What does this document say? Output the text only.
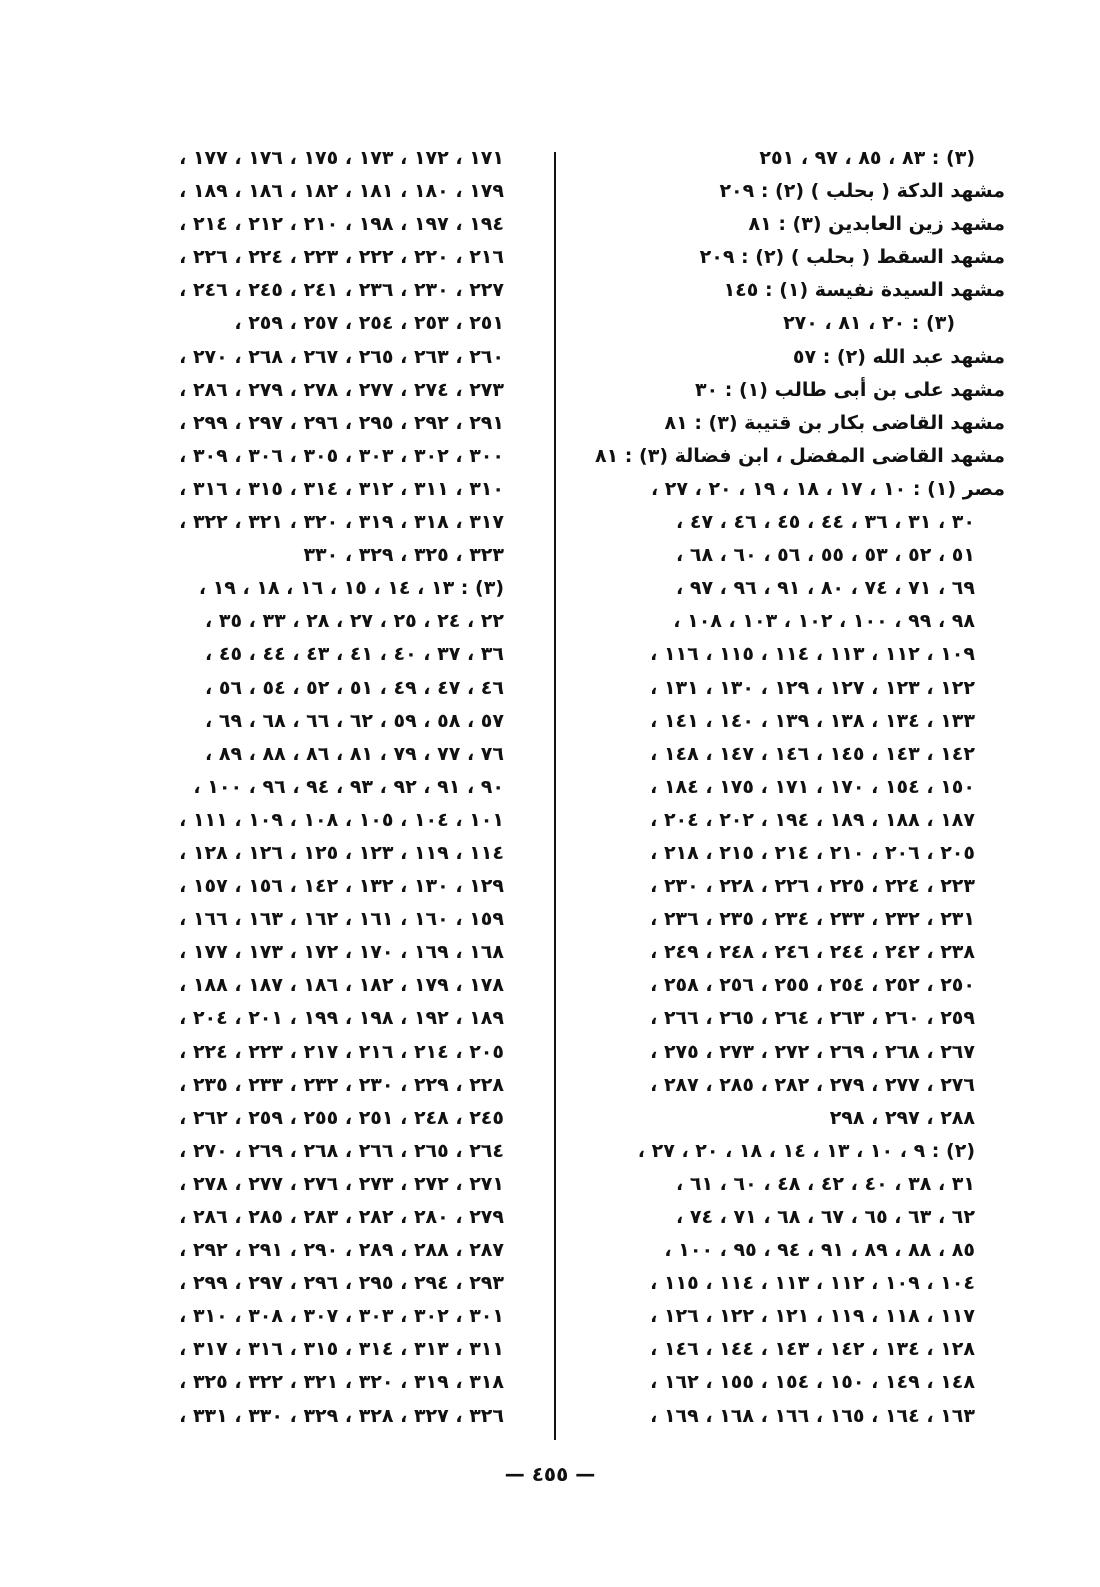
(٣) : ٨٣ ، ٨٥ ، ٩٧ ، ٢٥١
مشهد الدكة ( بحلب ) (٢) : ٢٠٩
مشهد زين العابدين (٣) : ٨١
مشهد السقط ( بحلب ) (٢) : ٢٠٩
مشهد السيدة نفيسة (١) : ١٤٥
(٣) : ٢٠ ، ٨١ ، ٢٧٠
مشهد عبد الله (٢) : ٥٧
مشهد على بن أبى طالب (١) : ٣٠
مشهد القاضى بكار بن قتيبة (٣) : ٨١
مشهد القاضى المفضل ، ابن فضالة (٣) : ٨١
مصر (١) : ١٠ ، ١٧ ، ١٨ ، ١٩ ، ٢٠ ، ٢٧ ،
٣٠ ، ٣١ ، ٣٦ ، ٤٤ ، ٤٥ ، ٤٦ ، ٤٧ ،
٥١ ، ٥٢ ، ٥٣ ، ٥٥ ، ٥٦ ، ٦٠ ، ٦٨ ،
٦٩ ، ٧١ ، ٧٤ ، ٨٠ ، ٩١ ، ٩٦ ، ٩٧ ،
٩٨ ، ٩٩ ، ١٠٠ ، ١٠٢ ، ١٠٣ ، ١٠٨ ،
١٠٩ ، ١١٢ ، ١١٣ ، ١١٤ ، ١١٥ ، ١١٦ ،
١٢٢ ، ١٢٣ ، ١٢٧ ، ١٢٩ ، ١٣٠ ، ١٣١ ،
١٣٣ ، ١٣٤ ، ١٣٨ ، ١٣٩ ، ١٤٠ ، ١٤١ ،
١٤٢ ، ١٤٣ ، ١٤٥ ، ١٤٦ ، ١٤٧ ، ١٤٨ ،
١٥٠ ، ١٥٤ ، ١٧٠ ، ١٧١ ، ١٧٥ ، ١٨٤ ،
١٨٧ ، ١٨٨ ، ١٨٩ ، ١٩٤ ، ٢٠٢ ، ٢٠٤ ،
٢٠٥ ، ٢٠٦ ، ٢١٠ ، ٢١٤ ، ٢١٥ ، ٢١٨ ،
٢٢٣ ، ٢٢٤ ، ٢٢٥ ، ٢٢٦ ، ٢٢٨ ، ٢٣٠ ،
٢٣١ ، ٢٣٢ ، ٢٣٣ ، ٢٣٤ ، ٢٣٥ ، ٢٣٦ ،
٢٣٨ ، ٢٤٢ ، ٢٤٤ ، ٢٤٦ ، ٢٤٨ ، ٢٤٩ ،
٢٥٠ ، ٢٥٢ ، ٢٥٤ ، ٢٥٥ ، ٢٥٦ ، ٢٥٨ ،
٢٥٩ ، ٢٦٠ ، ٢٦٣ ، ٢٦٤ ، ٢٦٥ ، ٢٦٦ ،
٢٦٧ ، ٢٦٨ ، ٢٦٩ ، ٢٧٢ ، ٢٧٣ ، ٢٧٥ ،
٢٧٦ ، ٢٧٧ ، ٢٧٩ ، ٢٨٢ ، ٢٨٥ ، ٢٨٧ ،
٢٨٨ ، ٢٩٧ ، ٢٩٨
(٢) : ٩ ، ١٠ ، ١٣ ، ١٤ ، ١٨ ، ٢٠ ، ٢٧ ،
٣١ ، ٣٨ ، ٤٠ ، ٤٢ ، ٤٨ ، ٦٠ ، ٦١ ،
٦٢ ، ٦٣ ، ٦٥ ، ٦٧ ، ٦٨ ، ٧١ ، ٧٤ ،
٨٥ ، ٨٨ ، ٨٩ ، ٩١ ، ٩٤ ، ٩٥ ، ١٠٠ ،
١٠٤ ، ١٠٩ ، ١١٢ ، ١١٣ ، ١١٤ ، ١١٥ ،
١١٧ ، ١١٨ ، ١١٩ ، ١٢١ ، ١٢٢ ، ١٢٦ ،
١٢٨ ، ١٣٤ ، ١٤٢ ، ١٤٣ ، ١٤٤ ، ١٤٦ ،
١٤٨ ، ١٤٩ ، ١٥٠ ، ١٥٤ ، ١٥٥ ، ١٦٢ ،
١٦٣ ، ١٦٤ ، ١٦٥ ، ١٦٦ ، ١٦٨ ، ١٦٩ ،
١٧١ ، ١٧٢ ، ١٧٣ ، ١٧٥ ، ١٧٦ ، ١٧٧ ،
١٧٩ ، ١٨٠ ، ١٨١ ، ١٨٢ ، ١٨٦ ، ١٨٩ ،
١٩٤ ، ١٩٧ ، ١٩٨ ، ٢١٠ ، ٢١٢ ، ٢١٤ ،
٢١٦ ، ٢٢٠ ، ٢٢٢ ، ٢٢٣ ، ٢٢٤ ، ٢٢٦ ،
٢٢٧ ، ٢٣٠ ، ٢٣٦ ، ٢٤١ ، ٢٤٥ ، ٢٤٦ ،
٢٥١ ، ٢٥٣ ، ٢٥٤ ، ٢٥٧ ، ٢٥٩ ،
٢٦٠ ، ٢٦٣ ، ٢٦٥ ، ٢٦٧ ، ٢٦٨ ، ٢٧٠ ،
٢٧٣ ، ٢٧٤ ، ٢٧٧ ، ٢٧٨ ، ٢٧٩ ، ٢٨٦ ،
٢٩١ ، ٢٩٢ ، ٢٩٥ ، ٢٩٦ ، ٢٩٧ ، ٢٩٩ ،
٣٠٠ ، ٣٠٢ ، ٣٠٣ ، ٣٠٥ ، ٣٠٦ ، ٣٠٩ ،
٣١٠ ، ٣١١ ، ٣١٢ ، ٣١٤ ، ٣١٥ ، ٣١٦ ،
٣١٧ ، ٣١٨ ، ٣١٩ ، ٣٢٠ ، ٣٢١ ، ٣٢٢ ،
٣٢٣ ، ٣٢٥ ، ٣٢٩ ، ٣٣٠
(٣) : ١٣ ، ١٤ ، ١٥ ، ١٦ ، ١٨ ، ١٩ ،
٢٢ ، ٢٤ ، ٢٥ ، ٢٧ ، ٢٨ ، ٣٣ ، ٣٥ ،
٣٦ ، ٣٧ ، ٤٠ ، ٤١ ، ٤٣ ، ٤٤ ، ٤٥ ،
٤٦ ، ٤٧ ، ٤٩ ، ٥١ ، ٥٢ ، ٥٤ ، ٥٦ ،
٥٧ ، ٥٨ ، ٥٩ ، ٦٢ ، ٦٦ ، ٦٨ ، ٦٩ ،
٧٦ ، ٧٧ ، ٧٩ ، ٨١ ، ٨٦ ، ٨٨ ، ٨٩ ،
٩٠ ، ٩١ ، ٩٢ ، ٩٣ ، ٩٤ ، ٩٦ ، ١٠٠ ،
١٠١ ، ١٠٤ ، ١٠٥ ، ١٠٨ ، ١٠٩ ، ١١١ ،
١١٤ ، ١١٩ ، ١٢٣ ، ١٢٥ ، ١٢٦ ، ١٢٨ ،
١٢٩ ، ١٣٠ ، ١٣٢ ، ١٤٢ ، ١٥٦ ، ١٥٧ ،
١٥٩ ، ١٦٠ ، ١٦١ ، ١٦٢ ، ١٦٣ ، ١٦٦ ،
١٦٨ ، ١٦٩ ، ١٧٠ ، ١٧٢ ، ١٧٣ ، ١٧٧ ،
١٧٨ ، ١٧٩ ، ١٨٢ ، ١٨٦ ، ١٨٧ ، ١٨٨ ،
١٨٩ ، ١٩٢ ، ١٩٨ ، ١٩٩ ، ٢٠١ ، ٢٠٤ ،
٢٠٥ ، ٢١٤ ، ٢١٦ ، ٢١٧ ، ٢٢٣ ، ٢٢٤ ،
٢٢٨ ، ٢٢٩ ، ٢٣٠ ، ٢٣٢ ، ٢٣٣ ، ٢٣٥ ،
٢٤٥ ، ٢٤٨ ، ٢٥١ ، ٢٥٥ ، ٢٥٩ ، ٢٦٢ ،
٢٦٤ ، ٢٦٥ ، ٢٦٦ ، ٢٦٨ ، ٢٦٩ ، ٢٧٠ ،
٢٧١ ، ٢٧٢ ، ٢٧٣ ، ٢٧٦ ، ٢٧٧ ، ٢٧٨ ،
٢٧٩ ، ٢٨٠ ، ٢٨٢ ، ٢٨٣ ، ٢٨٥ ، ٢٨٦ ،
٢٨٧ ، ٢٨٨ ، ٢٨٩ ، ٢٩٠ ، ٢٩١ ، ٢٩٢ ،
٢٩٣ ، ٢٩٤ ، ٢٩٥ ، ٢٩٦ ، ٢٩٧ ، ٢٩٩ ،
٣٠١ ، ٣٠٢ ، ٣٠٣ ، ٣٠٧ ، ٣٠٨ ، ٣١٠ ،
٣١١ ، ٣١٣ ، ٣١٤ ، ٣١٥ ، ٣١٦ ، ٣١٧ ،
٣١٨ ، ٣١٩ ، ٣٢٠ ، ٣٢١ ، ٣٢٢ ، ٣٢٥ ،
٣٢٦ ، ٣٢٧ ، ٣٢٨ ، ٣٢٩ ، ٣٣٠ ، ٣٣١ ،
— ٤٥٥ —
